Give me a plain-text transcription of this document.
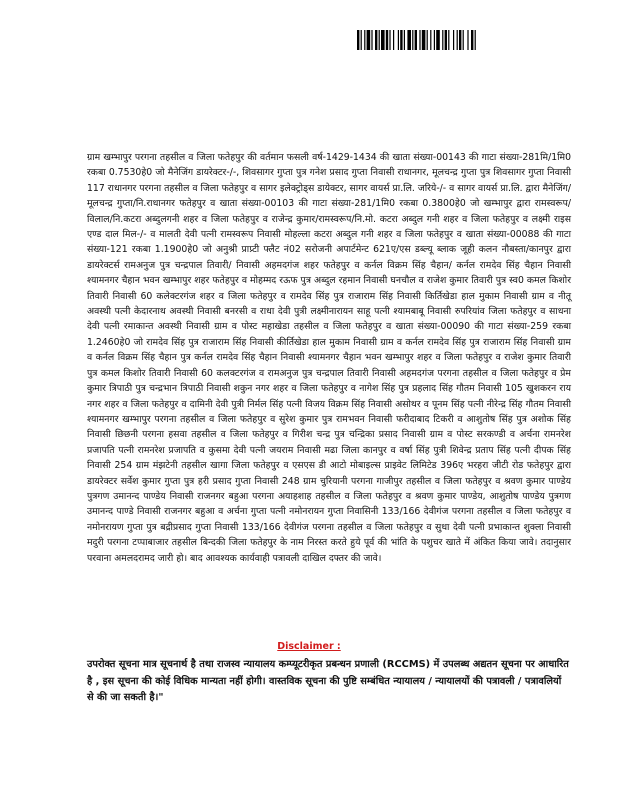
ग्राम खम्भापुर परगना तहसील व जिला फतेहपुर की वर्तमान फसली वर्ष-1429-1434 की खाता संख्या-00143 की गाटा संख्या-281मि/1मि0 रकबा 0.7530हे0 जो मैनेजिंग डायरेक्टर-/-, शिवसागर गुप्ता पुत्र गनेश प्रसाद गुप्ता निवासी राधानगर, मूलचन्द्र गुप्ता पुत्र शिवसागर गुप्ता निवासी 117 राधानगर परगना तहसील व जिला फतेहपुर व सागर इलेक्ट्रोड्स डायेक्टर, सागर वायर्स प्रा.लि. जरिये-/- व सागर वायर्स प्रा.लि. द्वारा मैनेजिंग/मूलचन्द्र गुप्ता/नि.राधानगर फतेहपुर व खाता संख्या-00103 की गाटा संख्या-281/1मि0 रकबा 0.3800हे0 जो खम्भापुर द्वारा रामस्वरूप/विलाल/नि.कटरा अब्दुलगनी शहर व जिला फतेहपुर व राजेन्द्र कुमार/रामस्वरूप/नि.मो. कटरा अब्दुल गनी शहर व जिला फतेहपुर व लक्ष्मी राइस एण्ड दाल मिल-/- व मालती देवी पत्नी रामस्वरूप निवासी मोहल्ला कटरा अब्दुल गनी शहर व जिला फतेहपुर व खाता संख्या-00088 की गाटा संख्या-121 रकबा 1.1900हे0 जो अनुश्री प्राप्र्टी फ्लैट नं02 सरोजनी अपार्टमेन्ट 621ए/एस डब्ल्यू ब्लाक जूही कलन नौबस्ता/कानपुर द्वारा डायरेक्टर्स रामअनुज पुत्र चन्द्रपाल तिवारी/ निवासी अहमदगंज शहर फतेहपुर व कर्नल विक्रम सिंह चैहान/ कर्नल रामदेव सिंह चैहान निवासी श्यामनगर चैहान भवन खम्भापुर शहर फतेहपुर व मोहम्मद रऊफ पुत्र अब्दुल रहमान निवासी घनचौल व राजेश कुमार तिवारी पुत्र स्व0 कमल किशोर तिवारी निवासी 60 कलेक्टरगंज शहर व जिला फतेहपुर व रामदेव सिंह पुत्र राजाराम सिंह निवासी किर्तिखेडा हाल मुकाम निवासी ग्राम व नीतू अवस्थी पत्नी केदारनाथ अवस्थी निवासी बनरसी व राधा देवी पुत्री लक्ष्मीनारायन साहू पत्नी श्यामबाबू निवासी रुपरियांव जिला फतेहपुर व साधना देवी पत्नी रमाकान्त अवस्थी निवासी ग्राम व पोस्ट महाखेडा तहसील व जिला फतेहपुर व खाता संख्या-00090 की गाटा संख्या-259 रकबा 1.2460हे0 जो रामदेव सिंह पुत्र राजाराम सिंह निवासी कीर्तिखेडा हाल मुकाम निवासी ग्राम व कर्नल रामदेव सिंह पुत्र राजाराम सिंह निवासी ग्राम व कर्नल विक्रम सिंह चैहान पुत्र कर्नल रामदेव सिंह चैहान निवासी श्यामनगर चैहान भवन खम्भापुर शहर व जिला फतेहपुर व राजेश कुमार तिवारी पुत्र कमल किशोर तिवारी निवासी 60 कलक्टरगंज व रामअनुज पुत्र चन्द्रपाल तिवारी निवासी अहमदगंज परगना तहसील व जिला फतेहपुर व प्रेम कुमार त्रिपाठी पुत्र चन्द्रभान त्रिपाठी निवासी शकुन नगर शहर व जिला फतेहपुर व नागेश सिंह पुत्र प्रहलाद सिंह गौतम निवासी 105 खुशकरन राय नगर शहर व जिला फतेहपुर व दामिनी देवी पुत्री निर्मल सिंह पत्नी विजय विक्रम सिंह निवासी असोथर व पूनम सिंह पत्नी नीरेन्द्र सिंह गौतम निवासी श्यामनगर खम्भापुर परगना तहसील व जिला फतेहपुर व सुरेश कुमार पुत्र रामभवन निवासी फरीदाबाद टिकरी व आशुतोष सिंह पुत्र अशोक सिंह निवासी छिछनी परगना हसवा तहसील व जिला फतेहपुर व गिरीश चन्द्र पुत्र चन्द्रिका प्रसाद निवासी ग्राम व पोस्ट सरकण्डी व अर्चना रामनरेश प्रजापति पत्नी रामनरेश प्रजापति व कुसमा देवी पत्नी जयराम निवासी मढा जिला कानपुर व वर्षा सिंह पुत्री शिवेन्द्र प्रताप सिंह पत्नी दीपक सिंह निवासी 254 ग्राम मंझटेनी तहसील खागा जिला फतेहपुर व एसएस डी आटो मोबाइल्स प्राइवेट लिमिटेड 396ए भरहरा जीटी रोड फतेहपुर द्वारा डायरेक्टर सर्वेश कुमार गुप्ता पुत्र हरी प्रसाद गुप्ता निवासी 248 ग्राम चुरियानी परगना गाजीपुर तहसील व जिला फतेहपुर व श्रवण कुमार पाण्डेय पुत्रगण उमानन्द पाण्डेय निवासी राजनगर बहुआ परगना अयाहशाह तहसील व जिला फतेहपुर व श्रवण कुमार पाण्डेय, आशुतोष पाण्डेय पुत्रगण उमानन्द पाण्डे निवासी राजनगर बहुआ व अर्चना गुप्ता पत्नी नमोनरायन गुप्ता निवासिनी 133/166 देवीगंज परगना तहसील व जिला फतेहपुर व नमोनरायण गुप्ता पुत्र बद्रीप्रसाद गुप्ता निवासी 133/166 देवीगंज परगना तहसील व जिला फतेहपुर व सुधा देवी पत्नी प्रभाकान्त शुक्ला निवासी मदुरी परगना टप्पाबाजार तहसील बिन्दकी जिला फतेहपुर के नाम निरस्त करते हुये पूर्व की भांति के पशुचर खाते में अंकित किया जावे। तदानुसार परवाना अमलदरामद जारी हो। बाद आवश्यक कार्यवाही पत्रावली दाखिल दफ्तर की जावे।

Disclaimer :

उपरोक्त सूचना मात्र सूचनार्थ है तथा राजस्व न्यायालय कम्प्यूटरीकृत प्रबन्धन प्रणाली (RCCMS) में उपलब्ध अद्यतन सूचना पर आधारित है , इस सूचना की कोई विधिक मान्यता नहीं होगी। वास्तविक सूचना की पुष्टि सम्बंधित न्यायालय / न्यायालयों की पत्रावली / पत्रावलियों से की जा सकती है।"
